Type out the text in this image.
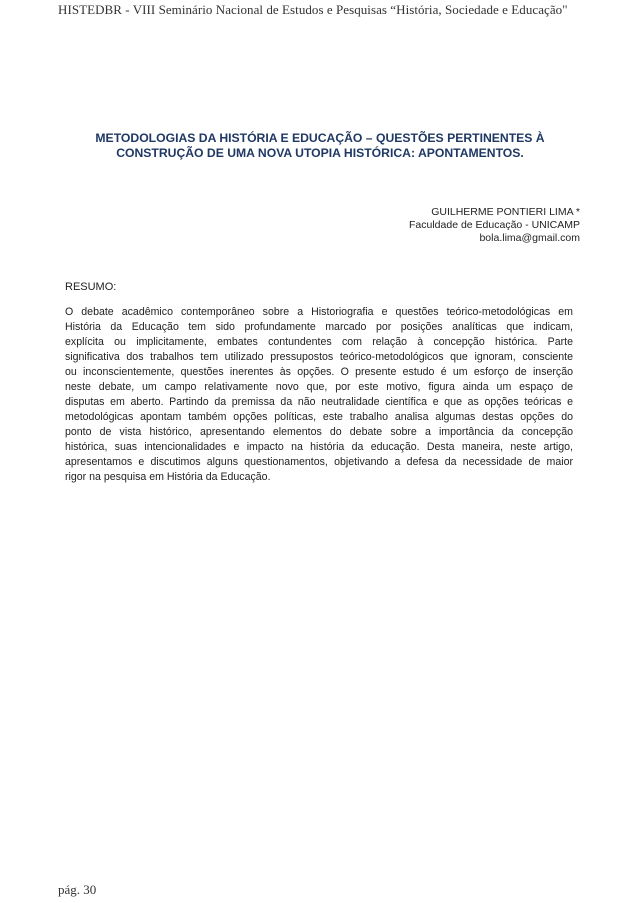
HISTEDBR - VIII Seminário Nacional de Estudos e Pesquisas “História, Sociedade e Educação"
METODOLOGIAS DA HISTÓRIA E EDUCAÇÃO – QUESTÕES PERTINENTES À
CONSTRUÇÃO DE UMA NOVA UTOPIA HISTÓRICA: APONTAMENTOS.
GUILHERME PONTIERI LIMA *
Faculdade de Educação - UNICAMP
bola.lima@gmail.com
RESUMO:
O debate acadêmico contemporâneo sobre a Historiografia e questões teórico-metodológicas em
História da Educação tem sido profundamente marcado por posições analíticas que indicam,
explícita ou implicitamente, embates contundentes com relação à concepção histórica. Parte
significativa dos trabalhos tem utilizado pressupostos teórico-metodológicos que ignoram, consciente
ou inconscientemente, questões inerentes às opções. O presente estudo é um esforço de inserção
neste debate, um campo relativamente novo que, por este motivo, figura ainda um espaço de
disputas em aberto. Partindo da premissa da não neutralidade científica e que as opções teóricas e
metodológicas apontam também opções políticas, este trabalho analisa algumas destas opções do
ponto de vista histórico, apresentando elementos do debate sobre a importância da concepção
histórica, suas intencionalidades e impacto na história da educação. Desta maneira, neste artigo,
apresentamos e discutimos alguns questionamentos, objetivando a defesa da necessidade de maior
rigor na pesquisa em História da Educação.
pág. 30
